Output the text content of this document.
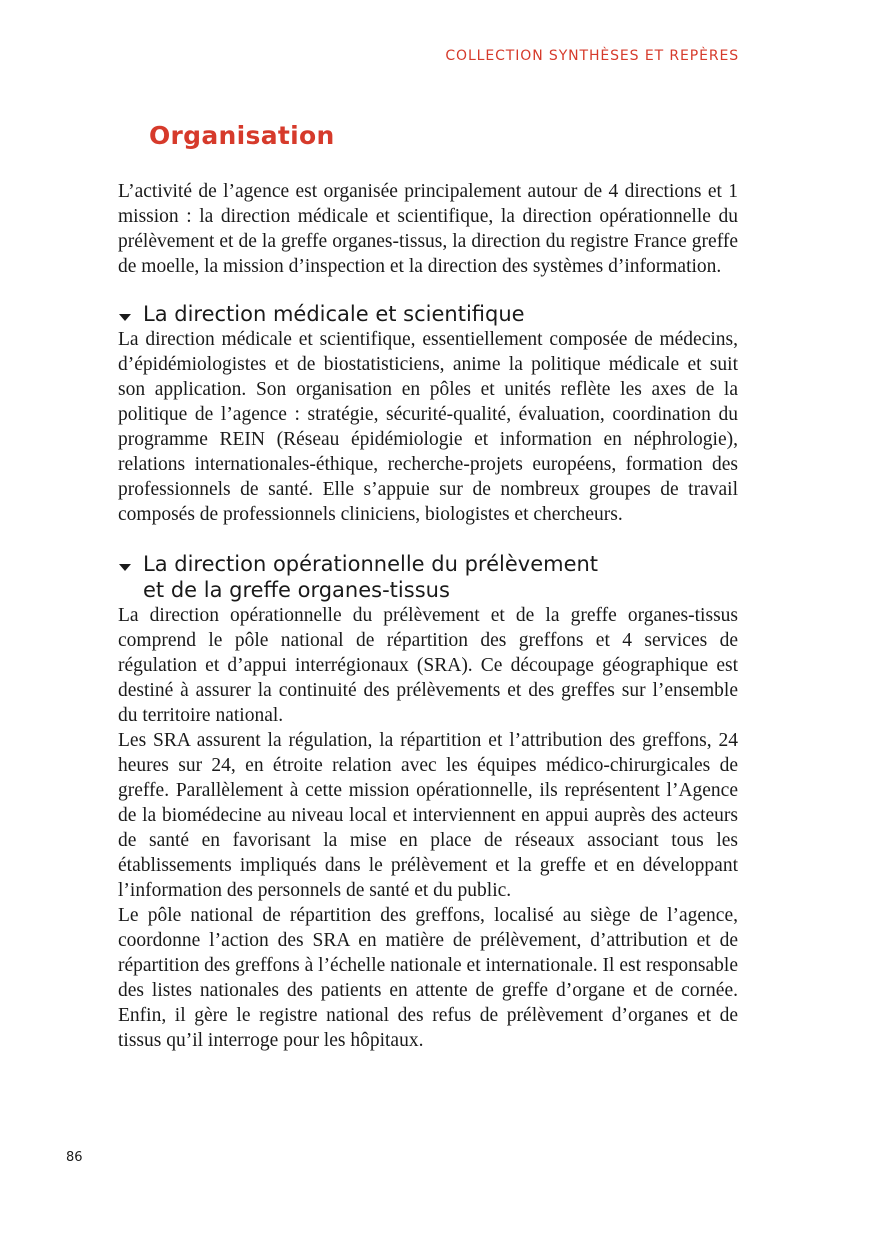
COLLECTION SYNTHÈSES ET REPÈRES
Organisation

L’activité de l’agence est organisée principalement autour de 4 directions et 1 mission : la direction médicale et scientifique, la direction opérationnelle du prélèvement et de la greffe organes-tissus, la direction du registre France greffe de moelle, la mission d’inspection et la direction des systèmes d’information.

La direction médicale et scientifique

La direction médicale et scientifique, essentiellement composée de médecins, d’épidémiologistes et de biostatisticiens, anime la politique médicale et suit son application. Son organisation en pôles et unités reflète les axes de la politique de l’agence : stratégie, sécurité-qualité, évaluation, coordination du programme REIN (Réseau épidémiologie et information en néphrologie), relations internationales-éthique, recherche-projets européens, formation des professionnels de santé. Elle s’appuie sur de nombreux groupes de travail composés de professionnels cliniciens, biologistes et chercheurs.

La direction opérationnelle du prélèvement
et de la greffe organes-tissus

La direction opérationnelle du prélèvement et de la greffe organes-tissus comprend le pôle national de répartition des greffons et 4 services de régulation et d’appui interrégionaux (SRA). Ce découpage géographique est destiné à assurer la continuité des prélèvements et des greffes sur l’ensemble du territoire national.

Les SRA assurent la régulation, la répartition et l’attribution des greffons, 24 heures sur 24, en étroite relation avec les équipes médico-chirurgicales de greffe. Parallèlement à cette mission opérationnelle, ils représentent l’Agence de la biomédecine au niveau local et interviennent en appui auprès des acteurs de santé en favorisant la mise en place de réseaux associant tous les établissements impliqués dans le prélèvement et la greffe et en développant l’information des personnels de santé et du public.

Le pôle national de répartition des greffons, localisé au siège de l’agence, coordonne l’action des SRA en matière de prélèvement, d’attribution et de répartition des greffons à l’échelle nationale et internationale. Il est responsable des listes nationales des patients en attente de greffe d’organe et de cornée. Enfin, il gère le registre national des refus de prélèvement d’organes et de tissus qu’il interroge pour les hôpitaux.

86
